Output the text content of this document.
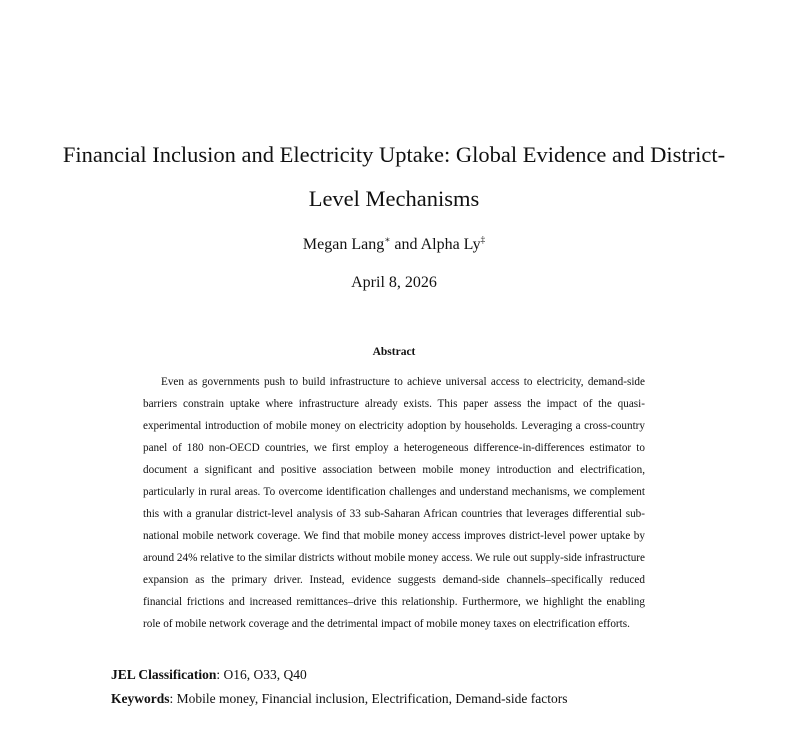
Financial Inclusion and Electricity Uptake: Global Evidence and District-Level Mechanisms
Megan Lang∗ and Alpha Ly‡
April 8, 2026
Abstract

Even as governments push to build infrastructure to achieve universal access to electricity, demand-side barriers constrain uptake where infrastructure already exists. This paper assess the impact of the quasi-experimental introduction of mobile money on electricity adoption by households. Leveraging a cross-country panel of 180 non-OECD countries, we first employ a heterogeneous difference-in-differences estimator to document a significant and positive association between mobile money introduction and electrification, particularly in rural areas. To overcome identification challenges and understand mechanisms, we complement this with a granular district-level analysis of 33 sub-Saharan African countries that leverages differential sub-national mobile network coverage. We find that mobile money access improves district-level power uptake by around 24% relative to the similar districts without mobile money access. We rule out supply-side infrastructure expansion as the primary driver. Instead, evidence suggests demand-side channels–specifically reduced financial frictions and increased remittances–drive this relationship. Furthermore, we highlight the enabling role of mobile network coverage and the detrimental impact of mobile money taxes on electrification efforts.

JEL Classification: O16, O33, Q40
Keywords: Mobile money, Financial inclusion, Electrification, Demand-side factors
